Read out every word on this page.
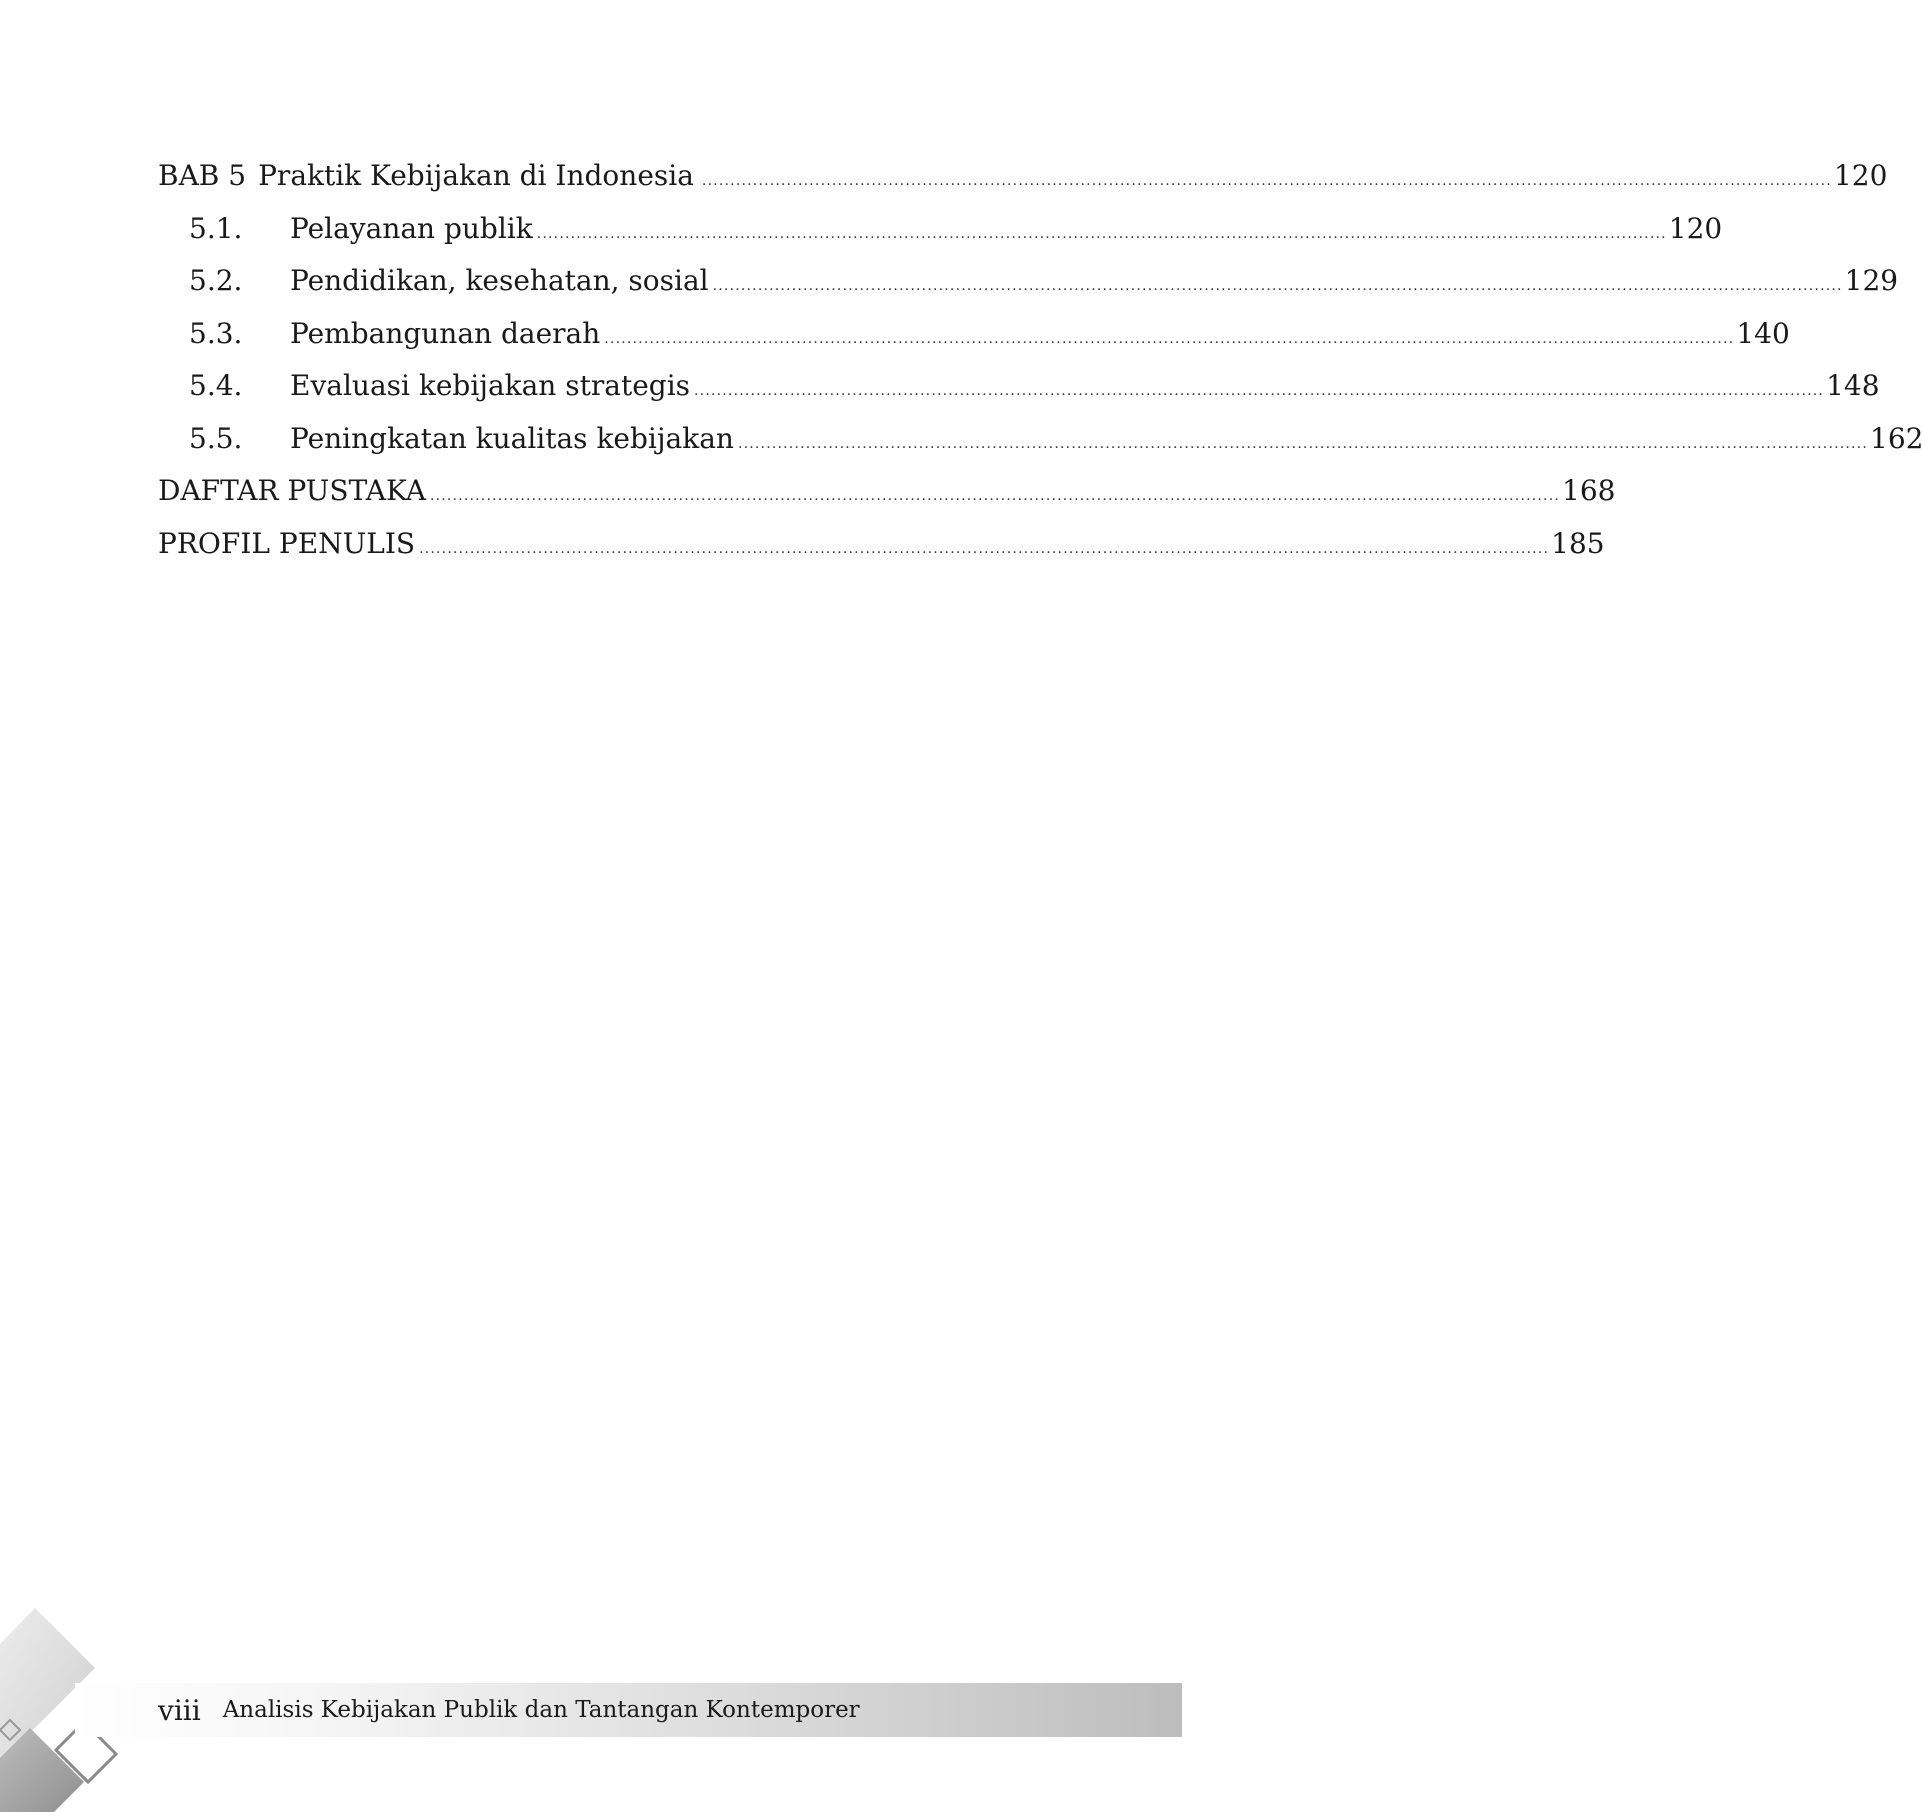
BAB 5 Praktik Kebijakan di Indonesia ........................................................................................................................................................................................................ 120
5.1.	Pelayanan publik ........................................................................................................................................................................................................ 120
5.2.	Pendidikan, kesehatan, sosial ........................................................................................................................................................................................................ 129
5.3.	Pembangunan daerah ........................................................................................................................................................................................................ 140
5.4.	Evaluasi kebijakan strategis ........................................................................................................................................................................................................ 148
5.5.	Peningkatan kualitas kebijakan ........................................................................................................................................................................................................ 162
DAFTAR PUSTAKA ........................................................................................................................................................................................................ 168
PROFIL PENULIS ........................................................................................................................................................................................................ 185
viii Analisis Kebijakan Publik dan Tantangan Kontemporer
